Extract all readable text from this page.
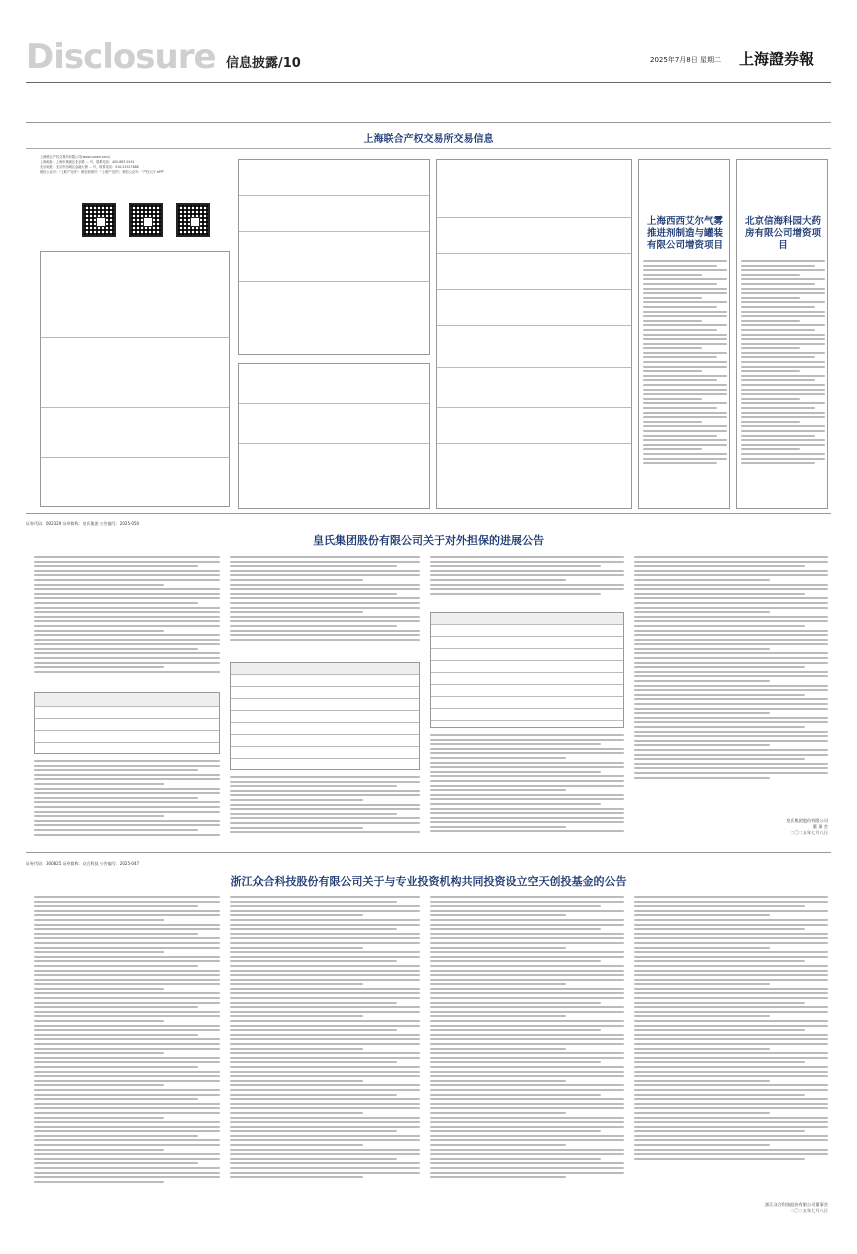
Disclosure 信息披露/10	2025年7月8日 星期二 上海證券報
上海联合产权交易所交易信息
上海联合产权交易所有限公司(www.suaee.com)
上海地址：上海市黄浦区北京路 ... 号，联系电话：400-883-9191
北京地址：北京市西城区金融大街 ... 号，联系电话：010-51917888
微信公众号："上联产交所"；微信视频号："上联产交所"；微信公众号："产权大厅 APP"
上海西西艾尔气雾推进剂制造与罐装有限公司增资项目
北京信海科园大药房有限公司增资项目
证券代码：002329 证券简称：皇氏集团 公告编号：2025-050
皇氏集团股份有限公司关于对外担保的进展公告
皇氏集团股份有限公司
董 事 会
二〇二五年七月八日
证券代码：300825 证券简称：众合科技 公告编号：2025-047
浙江众合科技股份有限公司关于与专业投资机构共同投资设立空天创投基金的公告
浙江众合科技股份有限公司董事会
二〇二五年七月八日
